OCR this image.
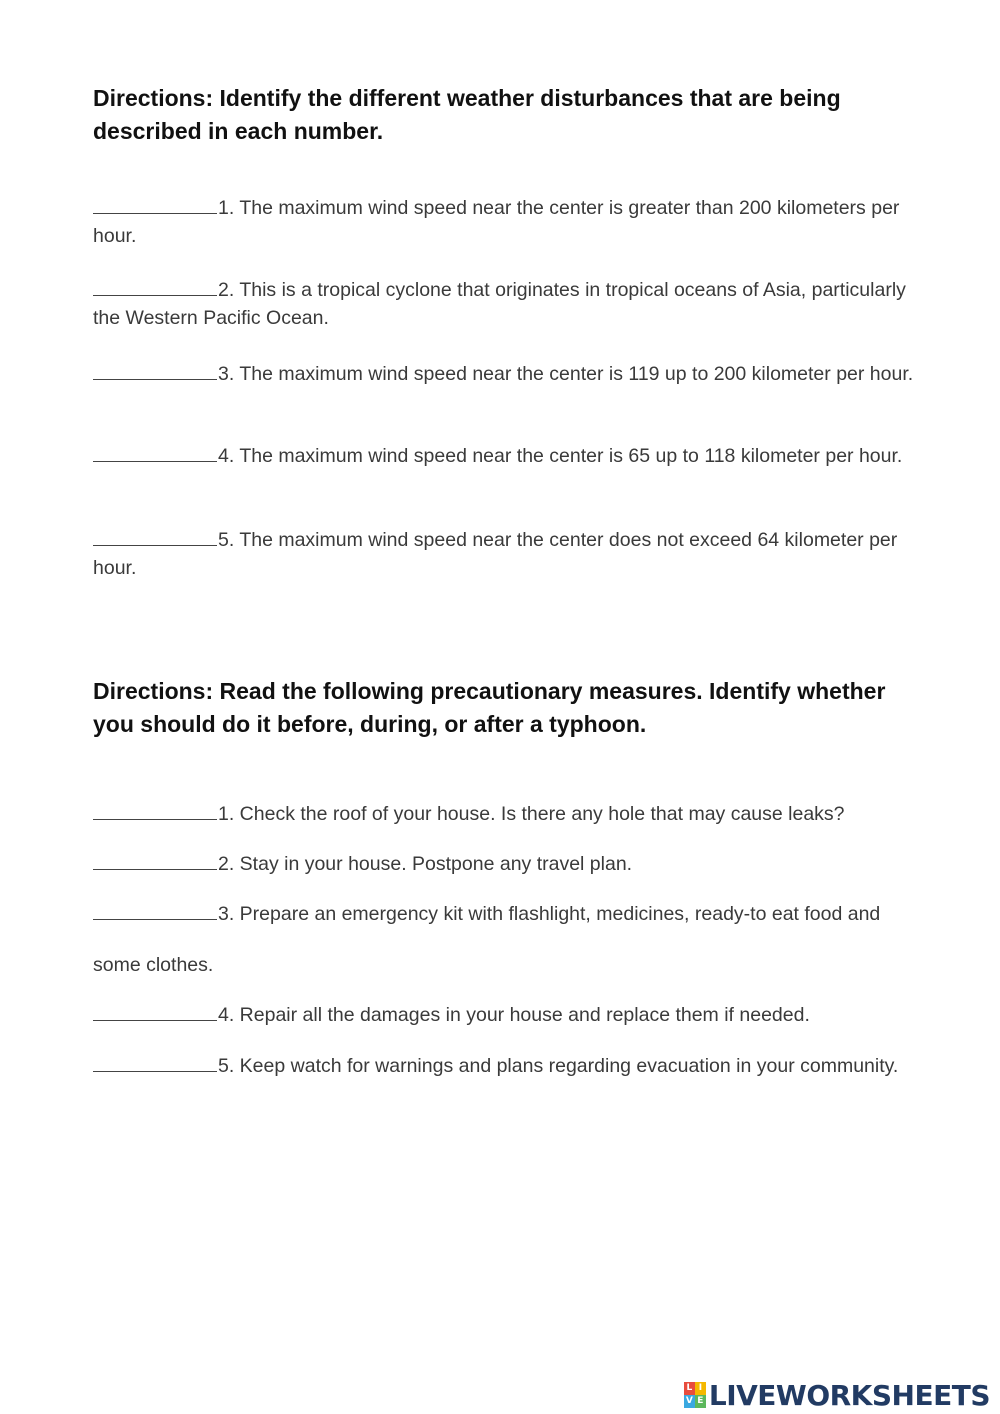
Directions: Identify the different weather disturbances that are being described in each number.

1. The maximum wind speed near the center is greater than 200 kilometers per hour.

2. This is a tropical cyclone that originates in tropical oceans of Asia, particularly the Western Pacific Ocean.

3. The maximum wind speed near the center is 119 up to 200 kilometer per hour.

4. The maximum wind speed near the center is 65 up to 118 kilometer per hour.

5. The maximum wind speed near the center does not exceed 64 kilometer per hour.

Directions: Read the following precautionary measures. Identify whether you should do it before, during, or after a typhoon.

1. Check the roof of your house. Is there any hole that may cause leaks?

2. Stay in your house. Postpone any travel plan.

3. Prepare an emergency kit with flashlight, medicines, ready-to eat food and some clothes.

4. Repair all the damages in your house and replace them if needed.

5. Keep watch for warnings and plans regarding evacuation in your community.

L I
V E LIVEWORKSHEETS
